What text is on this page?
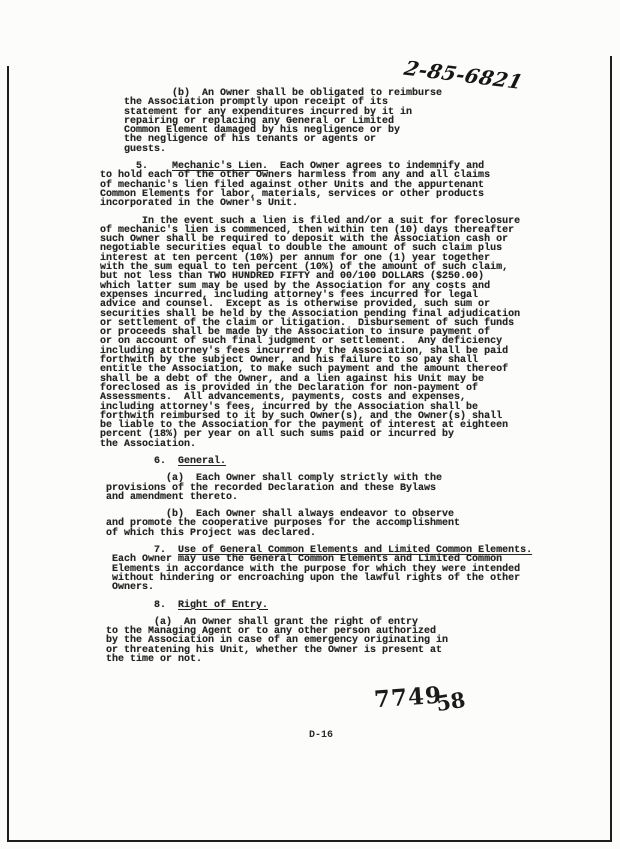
2-85-6821
(b)  An Owner shall be obligated to reimburse
the Association promptly upon receipt of its
statement for any expenditures incurred by it in
repairing or replacing any General or Limited
Common Element damaged by his negligence or by
the negligence of his tenants or agents or
guests.
5.    Mechanic's Lien.  Each Owner agrees to indemnify and
to hold each of the other Owners harmless from any and all claims
of mechanic's lien filed against other Units and the appurtenant
Common Elements for labor, materials, services or other products
incorporated in the Owner's Unit.
In the event such a lien is filed and/or a suit for foreclosure
of mechanic's lien is commenced, then within ten (10) days thereafter
such Owner shall be required to deposit with the Association cash or
negotiable securities equal to double the amount of such claim plus
interest at ten percent (10%) per annum for one (1) year together
with the sum equal to ten percent (10%) of the amount of such claim,
but not less than TWO HUNDRED FIFTY and 00/100 DOLLARS ($250.00)
which latter sum may be used by the Association for any costs and
expenses incurred, including attorney's fees incurred for legal
advice and counsel.  Except as is otherwise provided, such sum or
securities shall be held by the Association pending final adjudication
or settlement of the claim or litigation.  Disbursement of such funds
or proceeds shall be made by the Association to insure payment of
or on account of such final judgment or settlement.  Any deficiency
including attorney's fees incurred by the Association, shall be paid
forthwith by the subject Owner, and his failure to so pay shall
entitle the Association, to make such payment and the amount thereof
shall be a debt of the Owner, and a lien against his Unit may be
foreclosed as is provided in the Declaration for non-payment of
Assessments.  All advancements, payments, costs and expenses,
including attorney's fees, incurred by the Association shall be
forthwith reimbursed to it by such Owner(s), and the Owner(s) shall
be liable to the Association for the payment of interest at eighteen
percent (18%) per year on all such sums paid or incurred by
the Association.
6.  General.
(a)  Each Owner shall comply strictly with the
provisions of the recorded Declaration and these Bylaws
and amendment thereto.
(b)  Each Owner shall always endeavor to observe
and promote the cooperative purposes for the accomplishment
of which this Project was declared.
7.  Use of General Common Elements and Limited Common Elements.
Each Owner may use the General Common Elements and Limited Common
Elements in accordance with the purpose for which they were intended
without hindering or encroaching upon the lawful rights of the other
Owners.
8.  Right of Entry.
(a)  An Owner shall grant the right of entry
to the Managing Agent or to any other person authorized
by the Association in case of an emergency originating in
or threatening his Unit, whether the Owner is present at
the time or not.
7749
58
D-16
